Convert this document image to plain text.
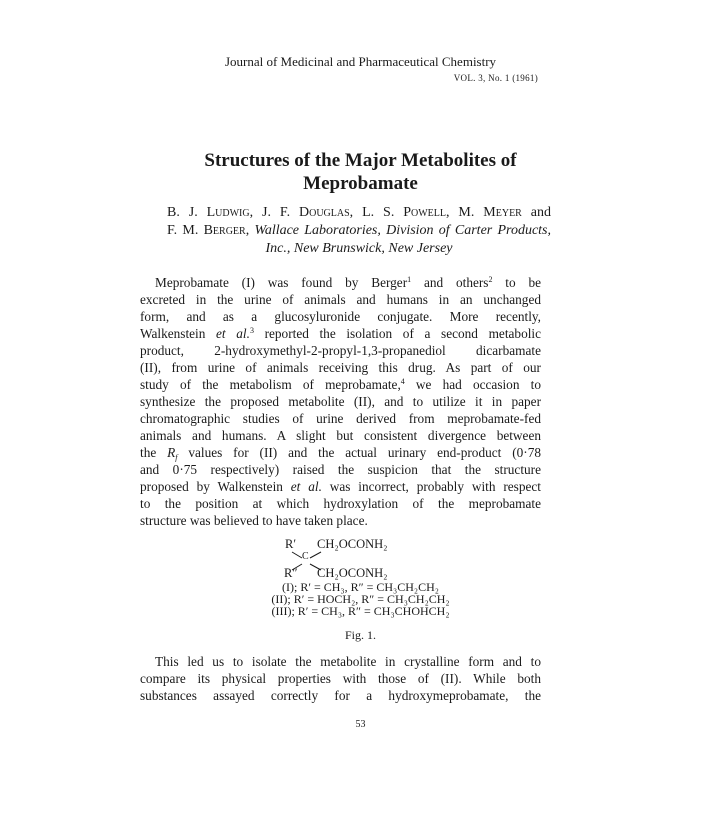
Journal of Medicinal and Pharmaceutical Chemistry
VOL. 3, No. 1 (1961)
Structures of the Major Metabolites of
Meprobamate
B. J. Ludwig, J. F. Douglas, L. S. Powell, M. Meyer and
F. M. Berger, Wallace Laboratories, Division of Carter Products,
Inc., New Brunswick, New Jersey
Meprobamate (I) was found by Berger$^1$ and others$^2$ to be
excreted in the urine of animals and humans in an unchanged
form, and as a glucosyluronide conjugate. More recently,
Walkenstein et al.$^3$ reported the isolation of a second metabolic
product, 2-hydroxymethyl-2-propyl-1,3-propanediol dicarbamate
(II), from urine of animals receiving this drug. As part of our
study of the metabolism of meprobamate,$^4$ we had occasion to
synthesize the proposed metabolite (II), and to utilize it in paper
chromatographic studies of urine derived from meprobamate-fed
animals and humans. A slight but consistent divergence between
the $R_f$ values for (II) and the actual urinary end-product (0·78
and 0·75 respectively) raised the suspicion that the structure
proposed by Walkenstein et al. was incorrect, probably with respect
to the position at which hydroxylation of the meprobamate
structure was believed to have taken place.
R′ CH₂OCONH₂
C
R″ CH₂OCONH₂
(I); R′ = CH₃, R″ = CH₃CH₂CH₂
(II); R′ = HOCH₂, R″ = CH₃CH₂CH₂
(III); R′ = CH₃, R″ = CH₃CHOHCH₂
Fig. 1.
This led us to isolate the metabolite in crystalline form and to
compare its physical properties with those of (II). While both
substances assayed correctly for a hydroxymeprobamate, the
53
